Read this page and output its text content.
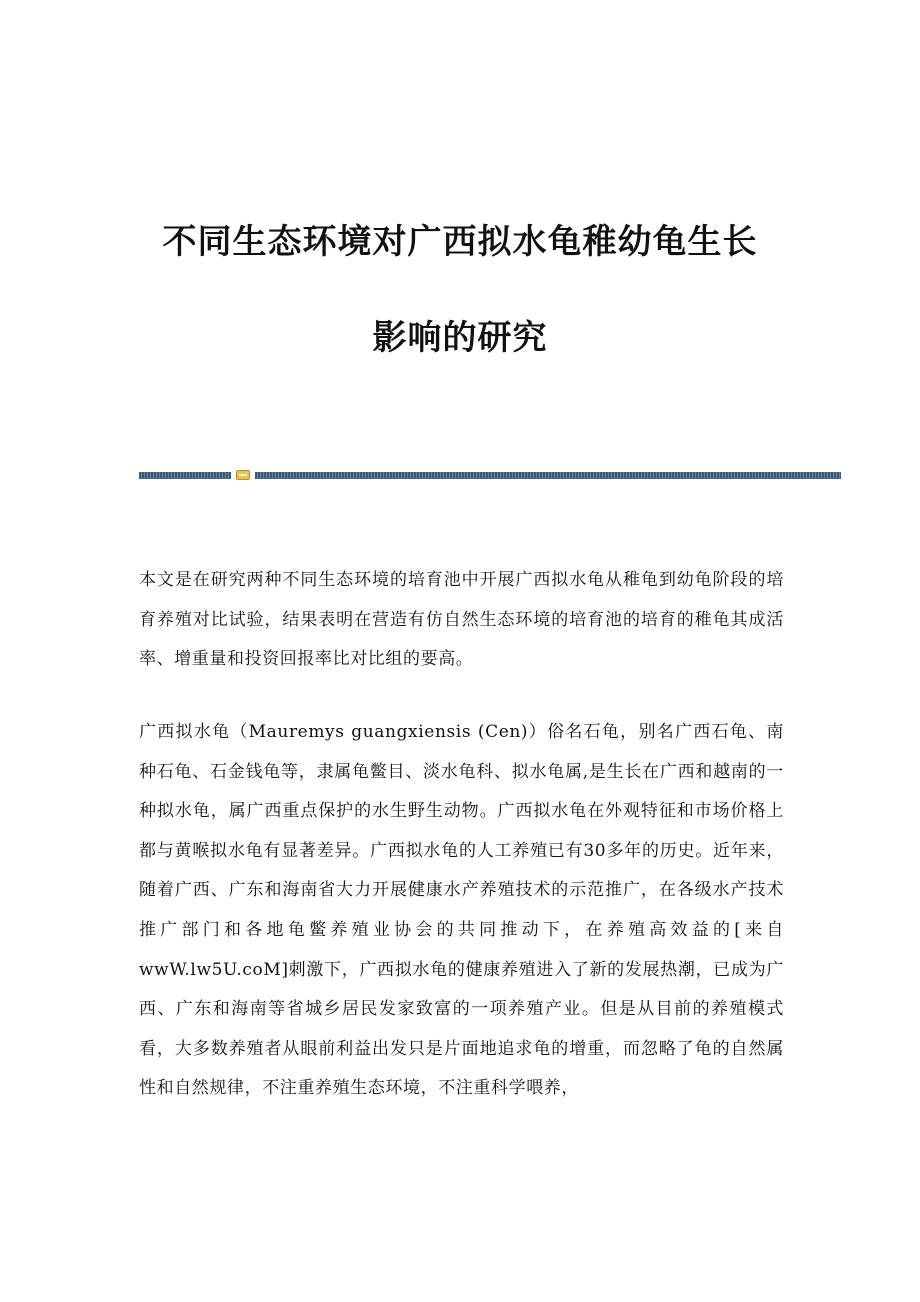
不同生态环境对广西拟水龟稚幼龟生长
影响的研究

本文是在研究两种不同生态环境的培育池中开展广西拟水龟从稚龟到幼龟阶段的培育养殖对比试验，结果表明在营造有仿自然生态环境的培育池的培育的稚龟其成活率、增重量和投资回报率比对比组的要高。

广西拟水龟（Mauremys guangxiensis (Cen)）俗名石龟，别名广西石龟、南种石龟、石金钱龟等，隶属龟鳖目、淡水龟科、拟水龟属,是生长在广西和越南的一种拟水龟，属广西重点保护的水生野生动物。广西拟水龟在外观特征和市场价格上都与黄喉拟水龟有显著差异。广西拟水龟的人工养殖已有30多年的历史。近年来，随着广西、广东和海南省大力开展健康水产养殖技术的示范推广，在各级水产技术推广部门和各地龟鳖养殖业协会的共同推动下，在养殖高效益的[来自wwW.lw5U.coM]刺激下，广西拟水龟的健康养殖进入了新的发展热潮，已成为广西、广东和海南等省城乡居民发家致富的一项养殖产业。但是从目前的养殖模式看，大多数养殖者从眼前利益出发只是片面地追求龟的增重，而忽略了龟的自然属性和自然规律，不注重养殖生态环境，不注重科学喂养，
